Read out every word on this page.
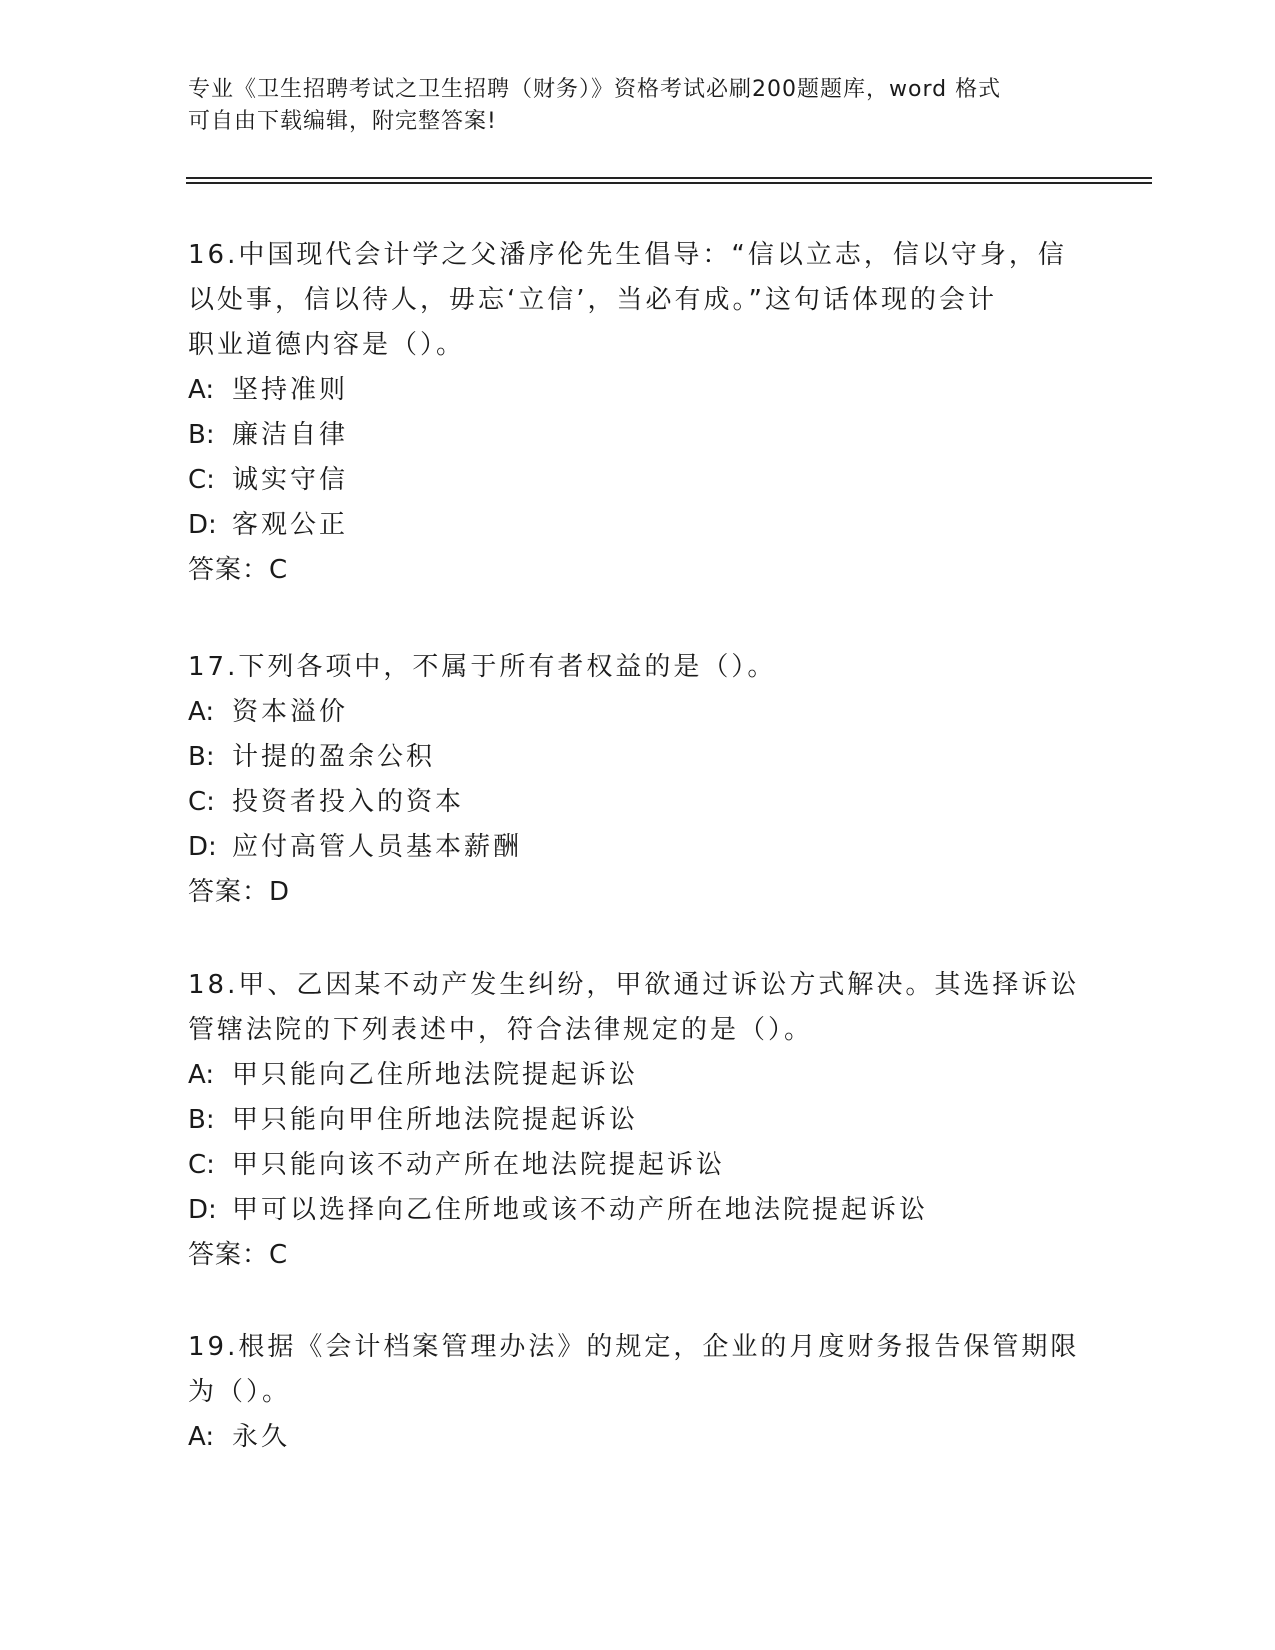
专业《卫生招聘考试之卫生招聘（财务）》资格考试必刷200题题库，word 格式
可自由下载编辑，附完整答案!
16.中国现代会计学之父潘序伦先生倡导：“信以立志，信以守身，信
以处事，信以待人，毋忘‘立信’，当必有成。”这句话体现的会计
职业道德内容是（）。
A: 坚持准则
B: 廉洁自律
C: 诚实守信
D: 客观公正
答案：C
17.下列各项中，不属于所有者权益的是（）。
A: 资本溢价
B: 计提的盈余公积
C: 投资者投入的资本
D: 应付高管人员基本薪酬
答案：D
18.甲、乙因某不动产发生纠纷，甲欲通过诉讼方式解决。其选择诉讼
管辖法院的下列表述中，符合法律规定的是（）。
A: 甲只能向乙住所地法院提起诉讼
B: 甲只能向甲住所地法院提起诉讼
C: 甲只能向该不动产所在地法院提起诉讼
D: 甲可以选择向乙住所地或该不动产所在地法院提起诉讼
答案：C
19.根据《会计档案管理办法》的规定，企业的月度财务报告保管期限
为（）。
A: 永久
